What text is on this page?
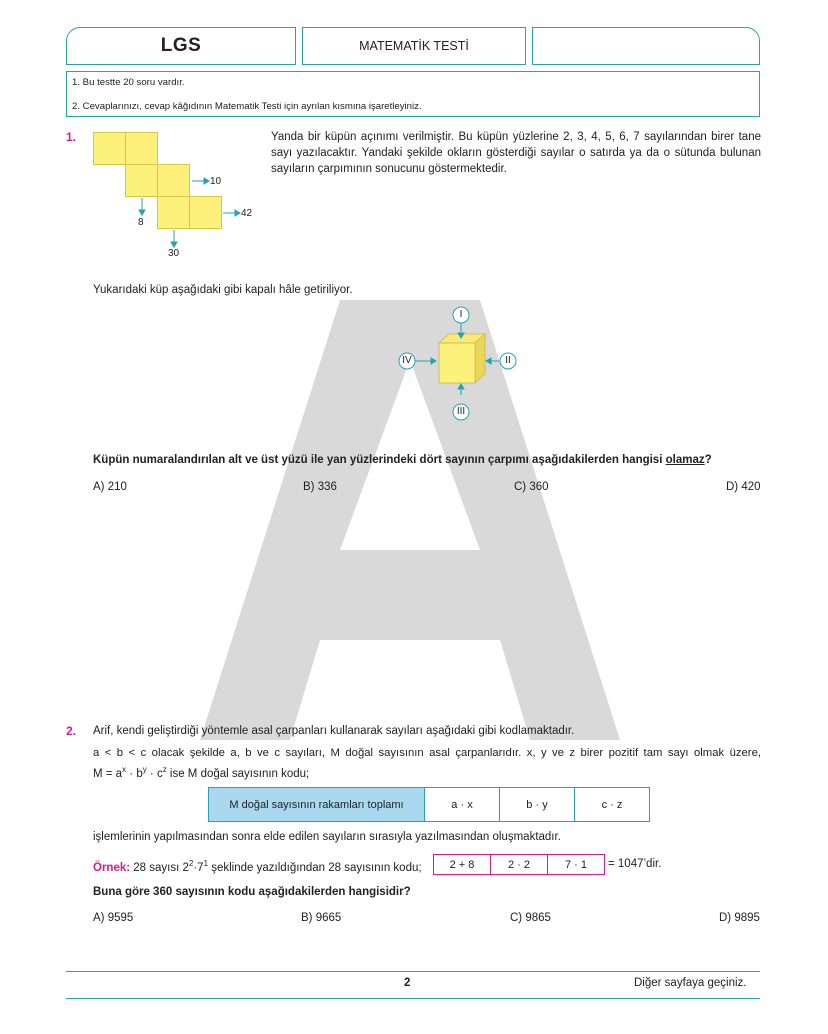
LGS	MATEMATİK TESTİ
1. Bu testte 20 soru vardır.
2. Cevaplarınızı, cevap kâğıdının Matematik Testi için ayrılan kısmına işaretleyiniz.
1.
10
42
8
30
Yanda bir küpün açınımı verilmiştir. Bu küpün yüzlerine 2, 3, 4, 5, 6, 7 sayılarından birer tane
sayı yazılacaktır. Yandaki şekilde okların gösterdiği sayılar o satırda ya da o sütunda bulunan
sayıların çarpımının sonucunu göstermektedir.
Yukarıdaki küp aşağıdaki gibi kapalı hâle getiriliyor.
I
II
III
IV
Küpün numaralandırılan alt ve üst yüzü ile yan yüzlerindeki dört sayının çarpımı aşağıdakilerden hangisi olamaz?
A) 210	B) 336	C) 360	D) 420
2. Arif, kendi geliştirdiği yöntemle asal çarpanları kullanarak sayıları aşağıdaki gibi kodlamaktadır.
a < b < c olacak şekilde a, b ve c sayıları, M doğal sayısının asal çarpanlarıdır. x, y ve z birer pozitif tam sayı olmak üzere,
$M = a^x \cdot b^y \cdot c^z$ ise M doğal sayısının kodu;
M doğal sayısının rakamları toplamı	a · x	b · y	c · z
işlemlerinin yapılmasından sonra elde edilen sayıların sırasıyla yazılmasından oluşmaktadır.
Örnek: 28 sayısı $2^2\cdot 7^1$ şeklinde yazıldığından 28 sayısının kodu;	2 + 8	2 · 2	7 · 1 = 1047’dir.
Buna göre 360 sayısının kodu aşağıdakilerden hangisidir?
A) 9595	B) 9665	C) 9865	D) 9895
2	Diğer sayfaya geçiniz.
